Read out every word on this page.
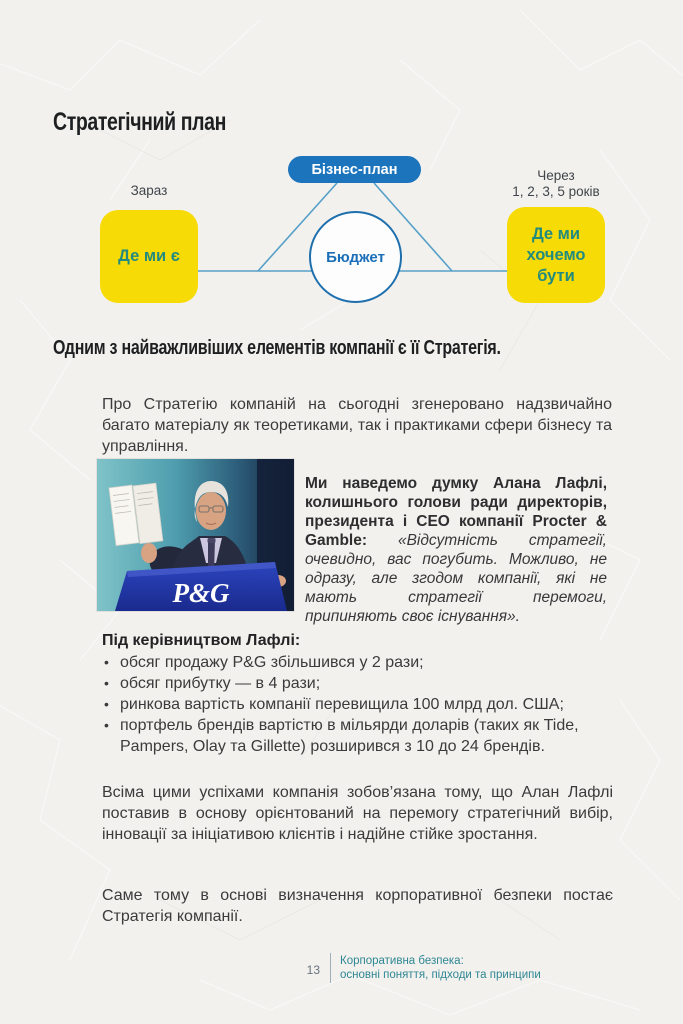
Стратегічний план
Бізнес-план
Зараз
Через
1, 2, 3, 5 років
Де ми є	Бюджет
Де ми хочемо бути
Одним з найважливіших елементів компанії є її Стратегія.

Про Стратегію компаній на сьогодні згенеровано надзвичайно багато матеріалу як теоретиками, так і практиками сфери бізнесу та управління.

P&G

Ми наведемо думку Алана Лафлі, колишнього голови ради директорів, президента і CEO компанії Procter & Gamble: «Відсутність стратегії, очевидно, вас погубить. Можливо, не одразу, але згодом компанії, які не мають стратегії перемоги, припиняють своє існування».

Під керівництвом Лафлі:
• обсяг продажу P&G збільшився у 2 рази;
• обсяг прибутку — в 4 рази;
• ринкова вартість компанії перевищила 100 млрд дол. США;
• портфель брендів вартістю в мільярди доларів (таких як Tide, Pampers, Olay та Gillette) розширився з 10 до 24 брендів.

Всіма цими успіхами компанія зобов’язана тому, що Алан Лафлі поставив в основу орієнтований на перемогу стратегічний вибір, інновації за ініціативою клієнтів і надійне стійке зростання.

Саме тому в основі визначення корпоративної безпеки постає Стратегія компанії.

13
Корпоративна безпека:
основні поняття, підходи та принципи
